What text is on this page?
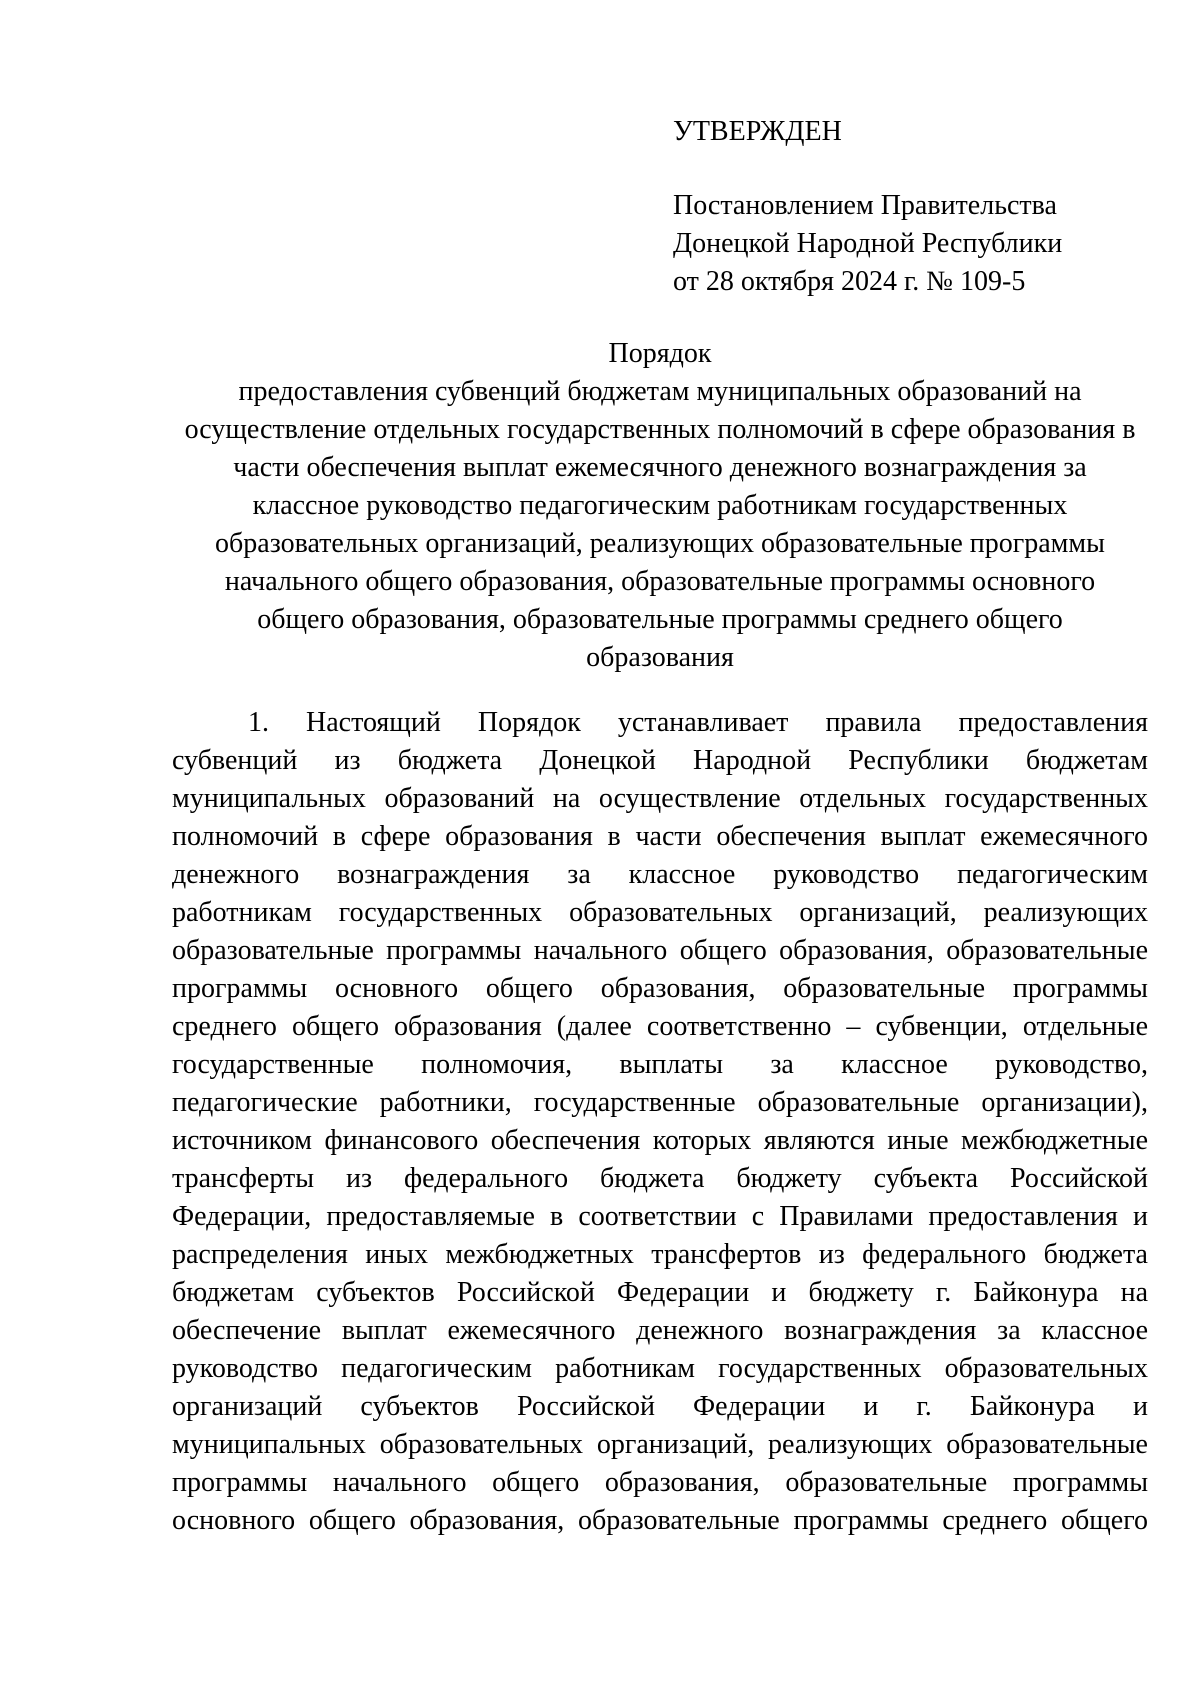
УТВЕРЖДЕН
Постановлением Правительства
Донецкой Народной Республики
от 28 октября 2024 г. № 109-5
Порядок
предоставления субвенций бюджетам муниципальных образований на
осуществление отдельных государственных полномочий в сфере образования в
части обеспечения выплат ежемесячного денежного вознаграждения за
классное руководство педагогическим работникам государственных
образовательных организаций, реализующих образовательные программы
начального общего образования, образовательные программы основного
общего образования, образовательные программы среднего общего
образования
1. Настоящий Порядок устанавливает правила предоставления
субвенций из бюджета Донецкой Народной Республики бюджетам
муниципальных образований на осуществление отдельных государственных
полномочий в сфере образования в части обеспечения выплат ежемесячного
денежного вознаграждения за классное руководство педагогическим
работникам государственных образовательных организаций, реализующих
образовательные программы начального общего образования, образовательные
программы основного общего образования, образовательные программы
среднего общего образования (далее соответственно – субвенции, отдельные
государственные полномочия, выплаты за классное руководство,
педагогические работники, государственные образовательные организации),
источником финансового обеспечения которых являются иные межбюджетные
трансферты из федерального бюджета бюджету субъекта Российской
Федерации, предоставляемые в соответствии с Правилами предоставления и
распределения иных межбюджетных трансфертов из федерального бюджета
бюджетам субъектов Российской Федерации и бюджету г. Байконура на
обеспечение выплат ежемесячного денежного вознаграждения за классное
руководство педагогическим работникам государственных образовательных
организаций субъектов Российской Федерации и г. Байконура и
муниципальных образовательных организаций, реализующих образовательные
программы начального общего образования, образовательные программы
основного общего образования, образовательные программы среднего общего
